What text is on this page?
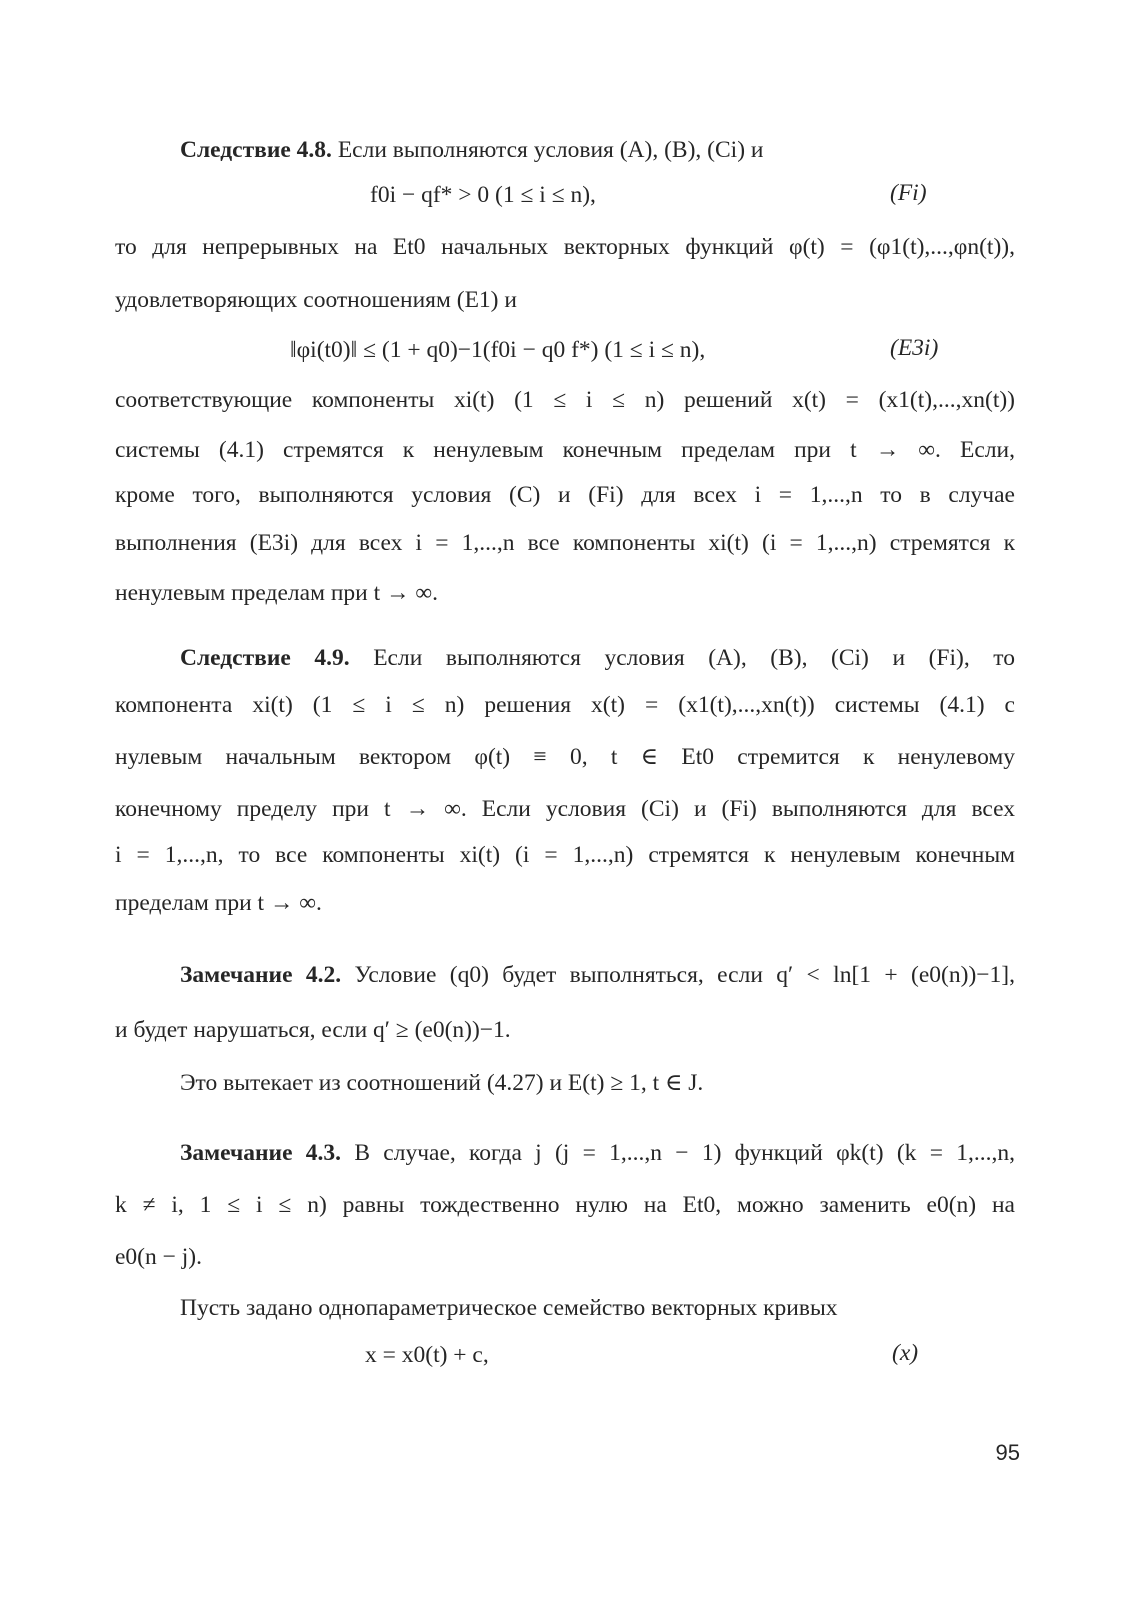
Следствие 4.8. Если выполняются условия (A), (B), (Ci) и
f0i − qf* > 0 (1 ≤ i ≤ n),	(Fi)
то для непрерывных на Et0 начальных векторных функций φ(t) = (φ1(t),...,φn(t)),
удовлетворяющих соотношениям (E1) и
‖φi(t0)‖ ≤ (1 + q0)−1(f0i − q0 f*) (1 ≤ i ≤ n),	(E3i)
соответствующие компоненты xi(t) (1 ≤ i ≤ n) решений x(t) = (x1(t),...,xn(t))
системы (4.1) стремятся к ненулевым конечным пределам при t → ∞. Если,
кроме того, выполняются условия (C) и (Fi) для всех i = 1,...,n то в случае
выполнения (E3i) для всех i = 1,...,n все компоненты xi(t) (i = 1,...,n) стремятся к
ненулевым пределам при t → ∞.
Следствие 4.9. Если выполняются условия (A), (B), (Ci) и (Fi), то
компонента xi(t) (1 ≤ i ≤ n) решения x(t) = (x1(t),...,xn(t)) системы (4.1) с
нулевым начальным вектором φ(t) ≡ 0, t ∈ Et0 стремится к ненулевому
конечному пределу при t → ∞. Если условия (Ci) и (Fi) выполняются для всех
i = 1,...,n, то все компоненты xi(t) (i = 1,...,n) стремятся к ненулевым конечным
пределам при t → ∞.
Замечание 4.2. Условие (q0) будет выполняться, если q′ < ln[1 + (e0(n))−1],
и будет нарушаться, если q′ ≥ (e0(n))−1.
Это вытекает из соотношений (4.27) и E(t) ≥ 1, t ∈ J.
Замечание 4.3. В случае, когда j (j = 1,...,n − 1) функций φk(t) (k = 1,...,n,
k ≠ i, 1 ≤ i ≤ n) равны тождественно нулю на Et0, можно заменить e0(n) на
e0(n − j).
Пусть задано однопараметрическое семейство векторных кривых
x = x0(t) + c,	(x)
95
